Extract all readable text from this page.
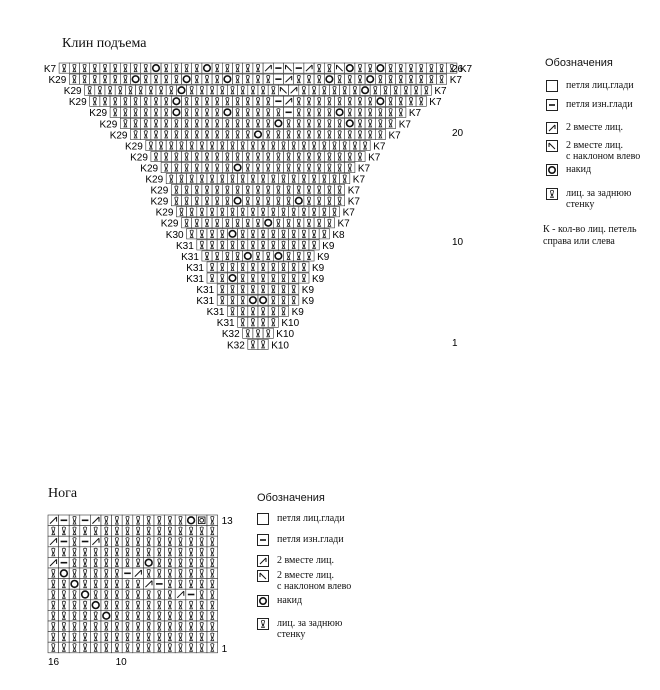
Клин подъема
K7	K7
K29	K7
K29	K7
K29	K7
K29	K7
K29	K7
K29	K7
K29	K7
K29	K7
K29	K7
K29	K7
K29	K7
K29	K7
K29	K7
K29	K7
K30	K8
K31	K9
K31	K9
K31	K9
K31	K9
K31	K9
K31	K9
K31	K9
K31	K10
K32	K10
K32	K10
26
20
10
1
Обозначения
петля лиц.глади
петля изн.глади
2 вместе лиц.
2 вместе лиц.
с наклоном влево
накид
лиц. за заднюю
стенку
К - кол-во лиц. петель
справа или слева
Нога
13
1
16	10
Обозначения
петля лиц.глади
петля изн.глади
2 вместе лиц.
2 вместе лиц.
с наклоном влево
накид
лиц. за заднюю
стенку
